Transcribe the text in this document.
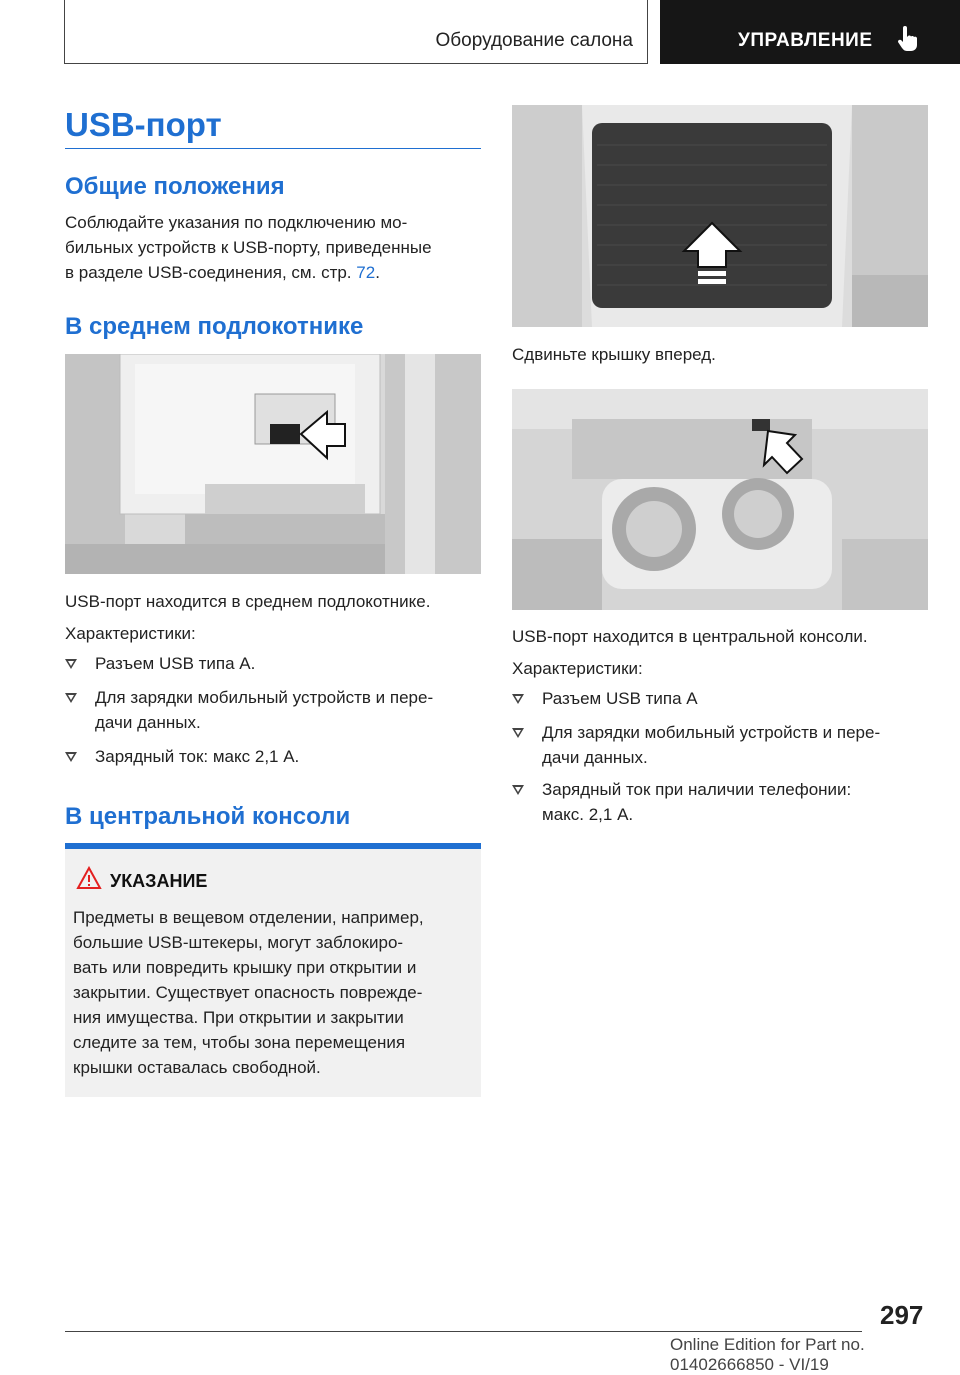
Оборудование салона	УПРАВЛЕНИЕ
USB-порт
Общие положения
Соблюдайте указания по подключению мо-
бильных устройств к USB-порту, приведенные
в разделе USB-соединения, см. стр. 72.
В среднем подлокотнике
USB-порт находится в среднем подлокотнике.
Характеристики:
Разъем USB типа А.
Для зарядки мобильный устройств и пере-
дачи данных.
Зарядный ток: макс 2,1 А.
В центральной консоли
УКАЗАНИЕ
Предметы в вещевом отделении, например,
большие USB-штекеры, могут заблокиро-
вать или повредить крышку при открытии и
закрытии. Существует опасность поврежде-
ния имущества. При открытии и закрытии
следите за тем, чтобы зона перемещения
крышки оставалась свободной.
Сдвиньте крышку вперед.
USB-порт находится в центральной консоли.
Характеристики:
Разъем USB типа А
Для зарядки мобильный устройств и пере-
дачи данных.
Зарядный ток при наличии телефонии:
макс. 2,1 А.
297
Online Edition for Part no. 01402666850 - VI/19
